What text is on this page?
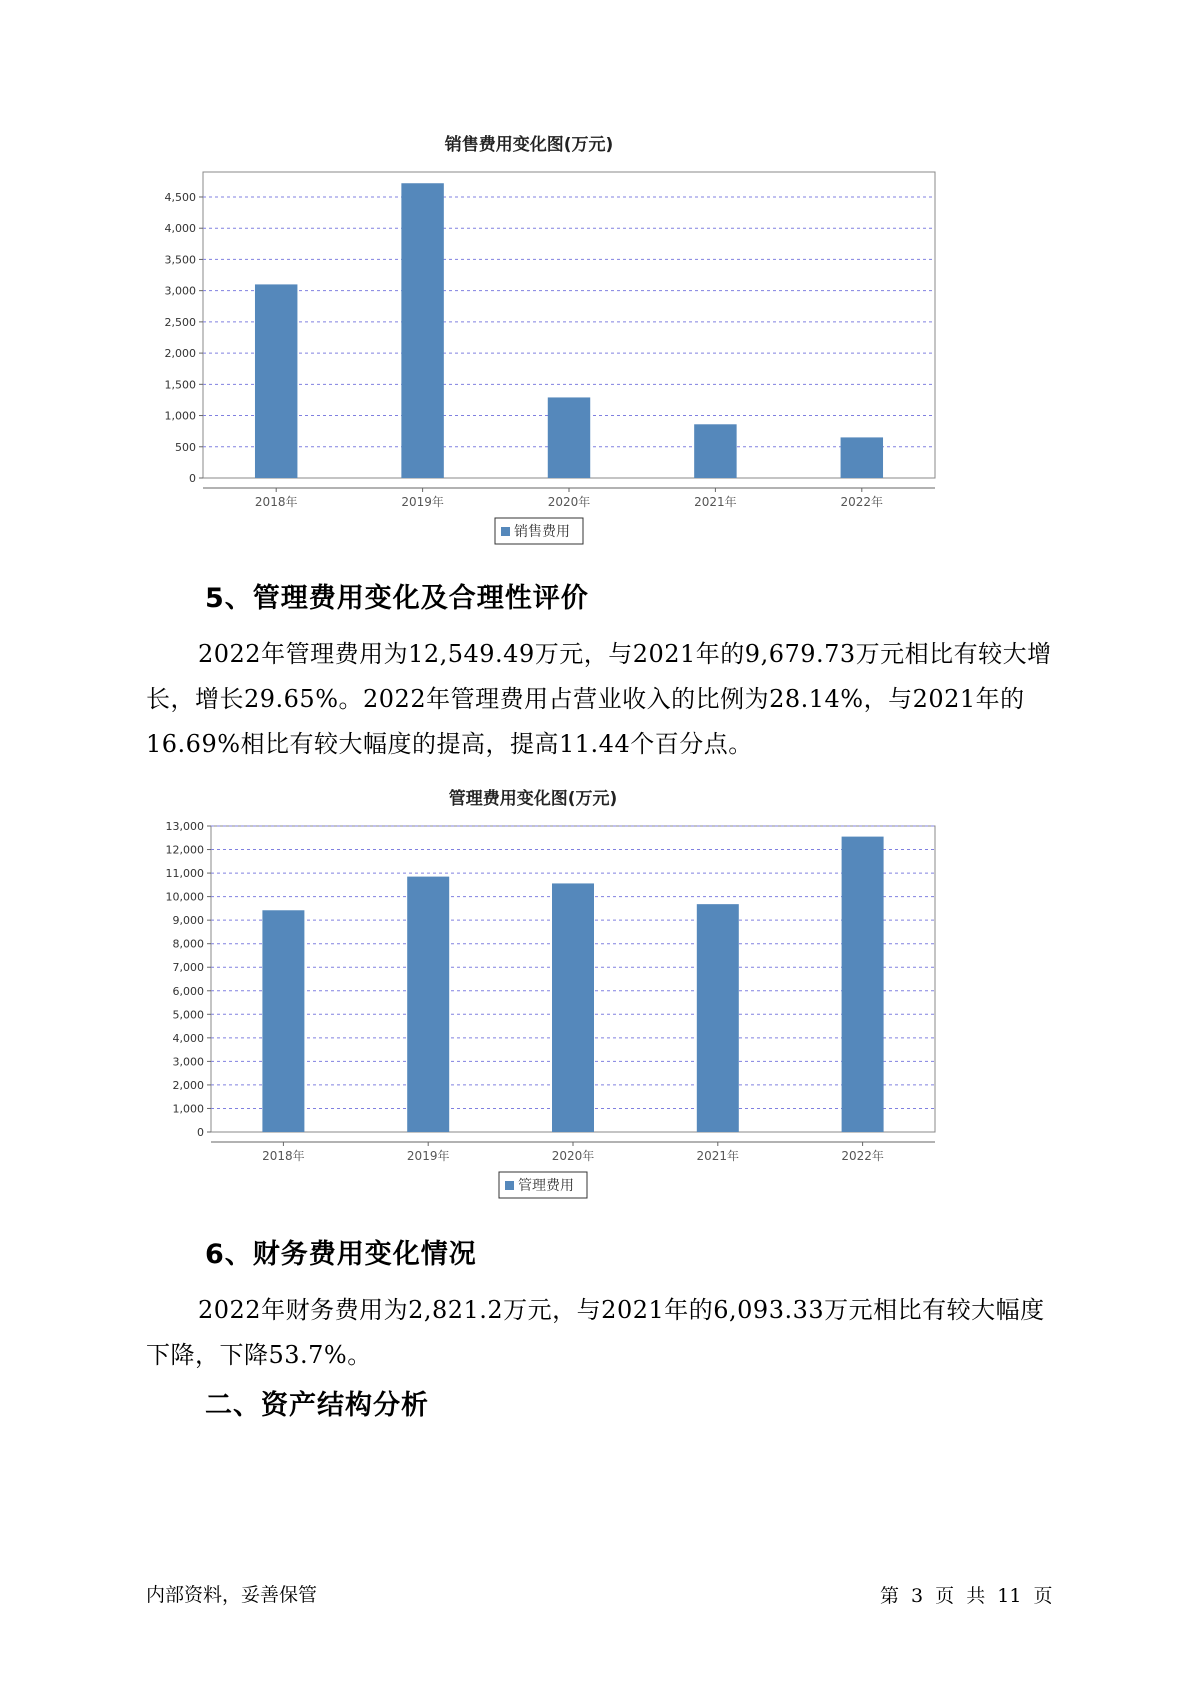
销售费用变化图(万元)
0
500
1,000
1,500
2,000
2,500
3,000
3,500
4,000
4,500
2018年	2019年	2020年	2021年	2022年
销售费用
5、管理费用变化及合理性评价

2022年管理费用为12,549.49万元，与2021年的9,679.73万元相比有较大增长，增长29.65%。2022年管理费用占营业收入的比例为28.14%，与2021年的16.69%相比有较大幅度的提高，提高11.44个百分点。

管理费用变化图(万元)
0
1,000
2,000
3,000
4,000
5,000
6,000
7,000
8,000
9,000
10,000
11,000
12,000
13,000
2018年	2019年	2020年	2021年	2022年
管理费用
6、财务费用变化情况

2022年财务费用为2,821.2万元，与2021年的6,093.33万元相比有较大幅度下降，下降53.7%。

二、资产结构分析
内部资料，妥善保管	第 3 页 共 11 页
